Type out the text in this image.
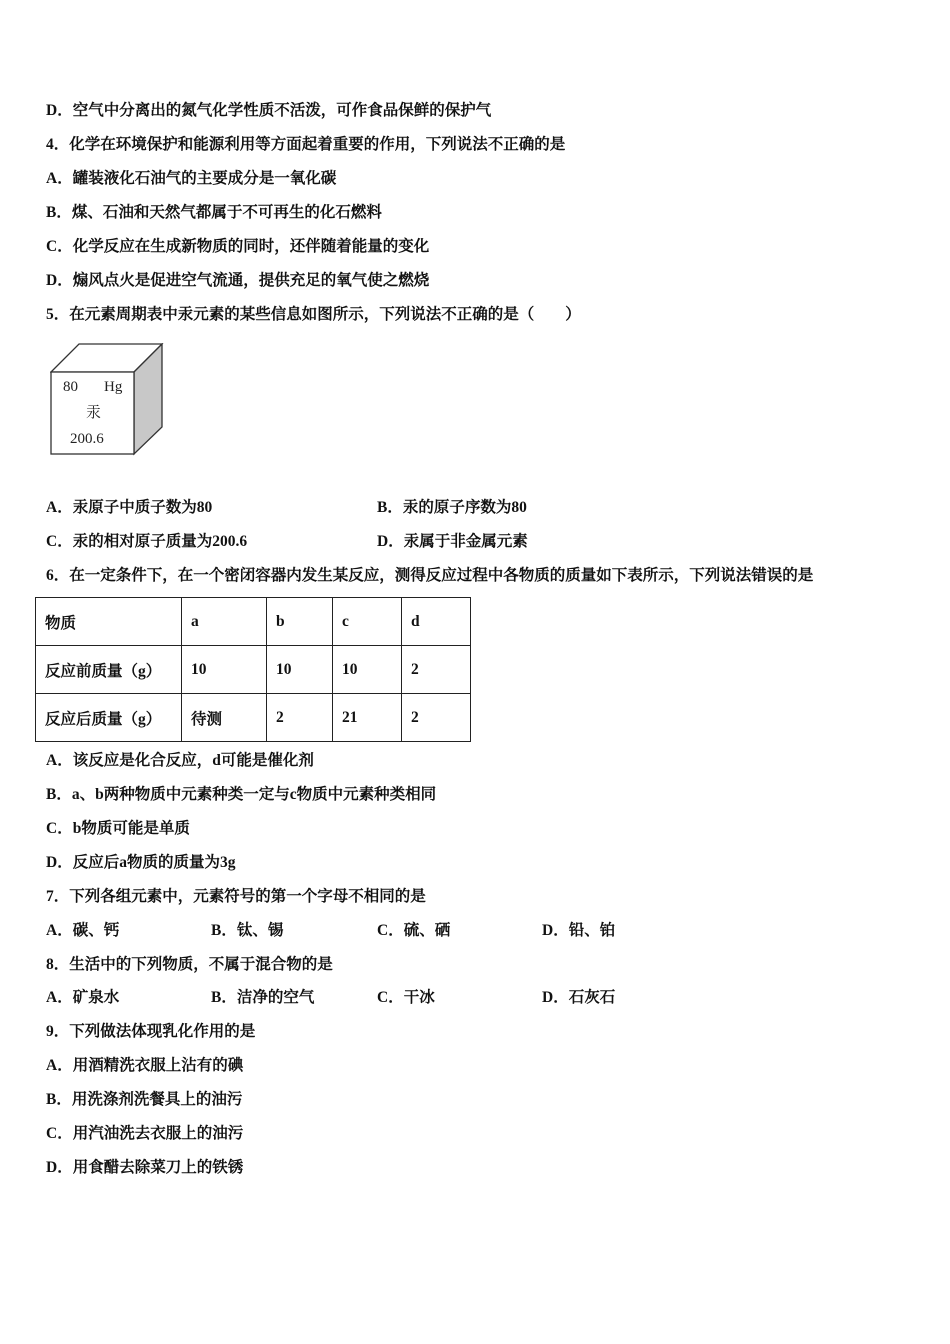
D．空气中分离出的氮气化学性质不活泼，可作食品保鲜的保护气
4．化学在环境保护和能源利用等方面起着重要的作用，下列说法不正确的是
A．罐装液化石油气的主要成分是一氧化碳
B．煤、石油和天然气都属于不可再生的化石燃料
C．化学反应在生成新物质的同时，还伴随着能量的变化
D．煽风点火是促进空气流通，提供充足的氧气使之燃烧
5．在元素周期表中汞元素的某些信息如图所示，下列说法不正确的是（　　）
80 Hg
汞
200.6
A．汞原子中质子数为80	B．汞的原子序数为80
C．汞的相对原子质量为200.6	D．汞属于非金属元素
6．在一定条件下，在一个密闭容器内发生某反应，测得反应过程中各物质的质量如下表所示，下列说法错误的是
物质	a	b	c	d
反应前质量（g）	10	10	10	2
反应后质量（g）	待测	2	21	2
A．该反应是化合反应，d可能是催化剂
B．a、b两种物质中元素种类一定与c物质中元素种类相同
C．b物质可能是单质
D．反应后a物质的质量为3g
7．下列各组元素中，元素符号的第一个字母不相同的是
A．碳、钙	B．钛、锡	C．硫、硒	D．铅、铂
8．生活中的下列物质，不属于混合物的是
A．矿泉水	B．洁净的空气	C．干冰	D．石灰石
9．下列做法体现乳化作用的是
A．用酒精洗衣服上沾有的碘
B．用洗涤剂洗餐具上的油污
C．用汽油洗去衣服上的油污
D．用食醋去除菜刀上的铁锈
